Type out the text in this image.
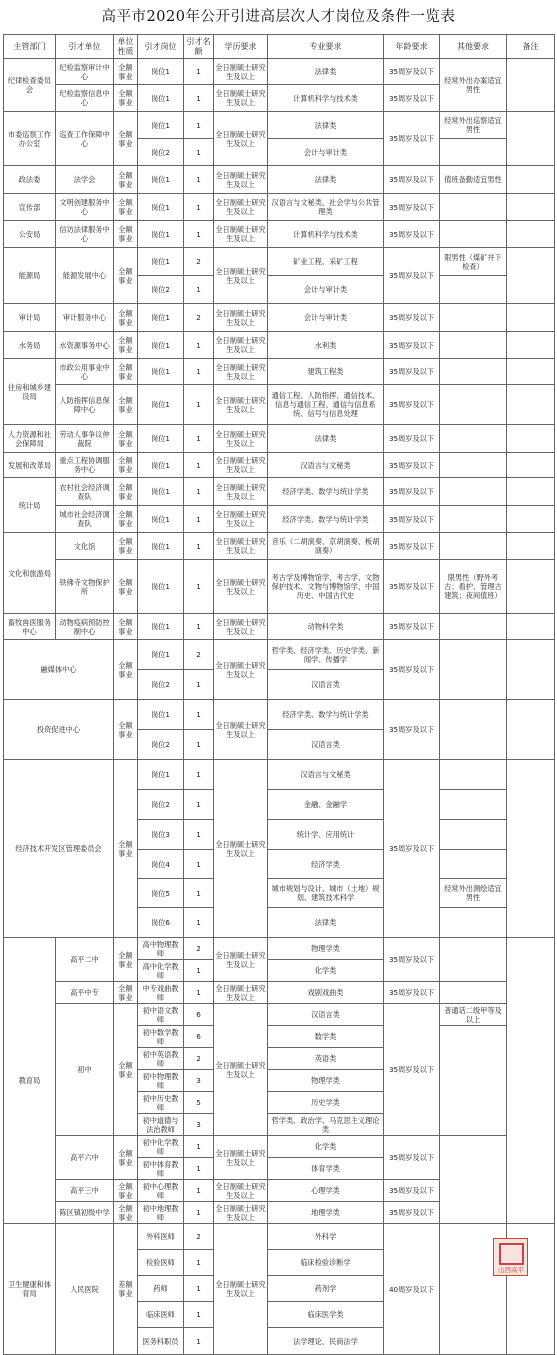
高平市2020年公开引进高层次人才岗位及条件一览表
主管部门	引才单位	单位性质	引才岗位	引才名额	学历要求	专业要求	年龄要求	其他要求	备注
纪律检查委员会	纪检监察审计中心	全额事业	岗位1	1	全日制硕士研究生及以上	法律类	35周岁及以下	经常外出办案适宜男性	
	纪检监察信息中心	全额事业	岗位1	1	全日制硕士研究生及以上	计算机科学与技术类	35周岁及以下		
市委巡察工作办公室	巡查工作保障中心	全额事业	岗位1	1	全日制硕士研究生及以上	法律类	35周岁及以下	经常外出巡察适宜男性	
			岗位2	1		会计与审计类			
政法委	法学会	全额事业	岗位1	1	全日制硕士研究生及以上	法律类	35周岁及以下	值班备勤适宜男性	
宣传部	文明创建服务中心	全额事业	岗位1	1	全日制硕士研究生及以上	汉语言与文秘类、社会学与公共管理类	35周岁及以下		
公安局	信访法律服务中心	全额事业	岗位1	1	全日制硕士研究生及以上	计算机科学与技术类	35周岁及以下		
能源局	能源发展中心	全额事业	岗位1	2	全日制硕士研究生及以上	矿业工程、采矿工程	35周岁及以下	限男性（煤矿井下检查）	
			岗位2	1		会计与审计类			
审计局	审计服务中心	全额事业	岗位1	2	全日制硕士研究生及以上	会计与审计类	35周岁及以下		
水务局	水资源事务中心	全额事业	岗位1	1	全日制硕士研究生及以上	水利类	35周岁及以下		
住房和城乡建设局	市政公用事业中心	全额事业	岗位1	1	全日制硕士研究生及以上	建筑工程类	35周岁及以下		
	人防指挥信息保障中心	全额事业	岗位1	1	全日制硕士研究生及以上	通信工程、人防指挥、通信技术、信息与通信工程、通信与信息系统、信号与信息处理	35周岁及以下		
人力资源和社会保障局	劳动人事争议仲裁院	全额事业	岗位1	1	全日制硕士研究生及以上	法律类	35周岁及以下		
发展和改革局	重点工程协调服务中心	全额事业	岗位1	1	全日制硕士研究生及以上	汉语言与文秘类	35周岁及以下		
统计局	农村社会经济调查队	全额事业	岗位1	1	全日制硕士研究生及以上	经济学类、数学与统计学类	35周岁及以下		
	城市社会经济调查队	全额事业	岗位1	1	全日制硕士研究生及以上	经济学类、数学与统计学类	35周岁及以下		
文化和旅游局	文化馆	全额事业	岗位1	1	全日制硕士研究生及以上	音乐（二胡演奏、京胡演奏、板胡演奏）	35周岁及以下		
	铁佛寺文物保护所	全额事业	岗位1	1	全日制硕士研究生及以上	考古学及博物馆学、考古学、文物保护技术、文物与博物馆学、中国历史、中国古代史	35周岁及以下	限男性（野外考古；看护、管理古建筑；夜间值班）	
畜牧兽医服务中心	动物疫病预防控制中心	全额事业	岗位1	1	全日制硕士研究生及以上	动物科学类	35周岁及以下		
融媒体中心		全额事业	岗位1	2	全日制硕士研究生及以上	哲学类、经济学类、历史学类、新闻学、传播学	35周岁及以下		
			岗位2	1		汉语言类			
投资促进中心		全额事业	岗位1	1	全日制硕士研究生及以上	经济学类、数学与统计学类	35周岁及以下		
			岗位2	1		汉语言类			
经济技术开发区管理委员会		全额事业	岗位1	1	全日制硕士研究生及以上	汉语言与文秘类	35周岁及以下		
			岗位2	1		金融、金融学			
			岗位3	1		统计学、应用统计			
			岗位4	1		经济学类			
			岗位5	1		城市规划与设计、城市（土地）规划、建筑技术科学		经常外出测绘适宜男性	
			岗位6	1		法律类			
教育局	高平二中	全额事业	高中物理教师	2	全日制硕士研究生及以上	物理学类	35周岁及以下		
			高中化学教师	1		化学类			
	高平中专	全额事业	中专戏曲教师	1	全日制硕士研究生及以上	戏剧戏曲类	35周岁及以下		
	初中	全额事业	初中语文教师	6	全日制硕士研究生及以上	汉语言类	35周岁及以下	普通话二级甲等及以上	
			初中数学教师	6		数学类			
			初中英语教师	2		英语类			
			初中物理教师	3		物理学类			
			初中历史教师	5		历史学类			
			初中道德与法治教师	3		哲学类、政治学、马克思主义理论类			
	高平六中	全额事业	初中化学教师	1	全日制硕士研究生及以上	化学类	35周岁及以下		
			初中体育教师	1		体育学类			
	高平三中	全额事业	初中心理教师	1	全日制硕士研究生及以上	心理学类	35周岁及以下		
	陈区镇初级中学	全额事业	初中地理教师	1	全日制硕士研究生及以上	地理学类	35周岁及以下		
卫生健康和体育局	人民医院	差额事业	外科医师	2	全日制硕士研究生及以上	外科学	40周岁及以下		
			检验医师	1		临床检验诊断学			
			药师	1		药剂学			
			临床医师	1		临床医学类			
			医务科职员	1		法学理论、民商法学			
山西高平
